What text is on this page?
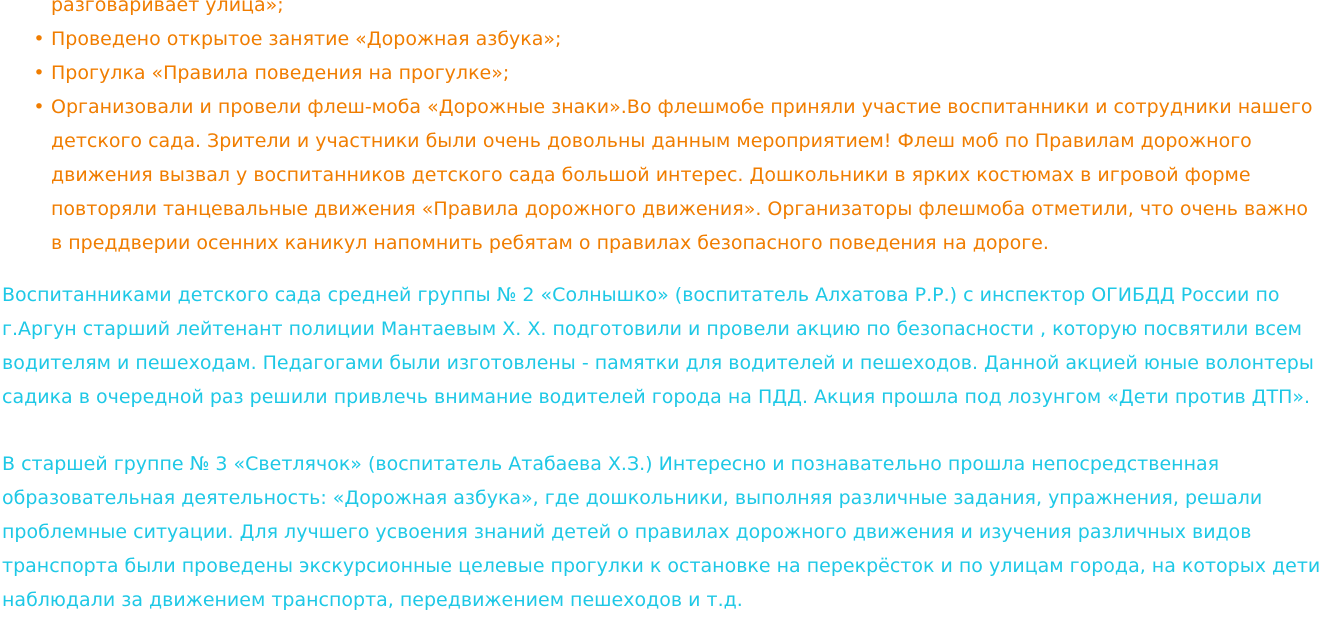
разговаривает улица»;
• Проведено открытое занятие «Дорожная азбука»;
• Прогулка «Правила поведения на прогулке»;
• Организовали и провели флеш-моба «Дорожные знаки».Во флешмобе приняли участие воспитанники и сотрудники нашего детского сада. Зрители и участники были очень довольны данным мероприятием! Флеш моб по Правилам дорожного движения вызвал у воспитанников детского сада большой интерес. Дошкольники в ярких костюмах в игровой форме повторяли танцевальные движения «Правила дорожного движения». Организаторы флешмоба отметили, что очень важно в преддверии осенних каникул напомнить ребятам о правилах безопасного поведения на дороге.

Воспитанниками детского сада средней группы № 2 «Солнышко» (воспитатель Алхатова Р.Р.) с инспектор ОГИБДД России по г.Аргун старший лейтенант полиции Мантаевым Х. Х. подготовили и провели акцию по безопасности , которую посвятили всем водителям и пешеходам. Педагогами были изготовлены - памятки для водителей и пешеходов. Данной акцией юные волонтеры садика в очередной раз решили привлечь внимание водителей города на ПДД. Акция прошла под лозунгом «Дети против ДТП».

В старшей группе № 3 «Светлячок» (воспитатель Атабаева Х.З.) Интересно и познавательно прошла непосредственная образовательная деятельность: «Дорожная азбука», где дошкольники, выполняя различные задания, упражнения, решали проблемные ситуации. Для лучшего усвоения знаний детей о правилах дорожного движения и изучения различных видов транспорта были проведены экскурсионные целевые прогулки к остановке на перекрёсток и по улицам города, на которых дети наблюдали за движением транспорта, передвижением пешеходов и т.д.
